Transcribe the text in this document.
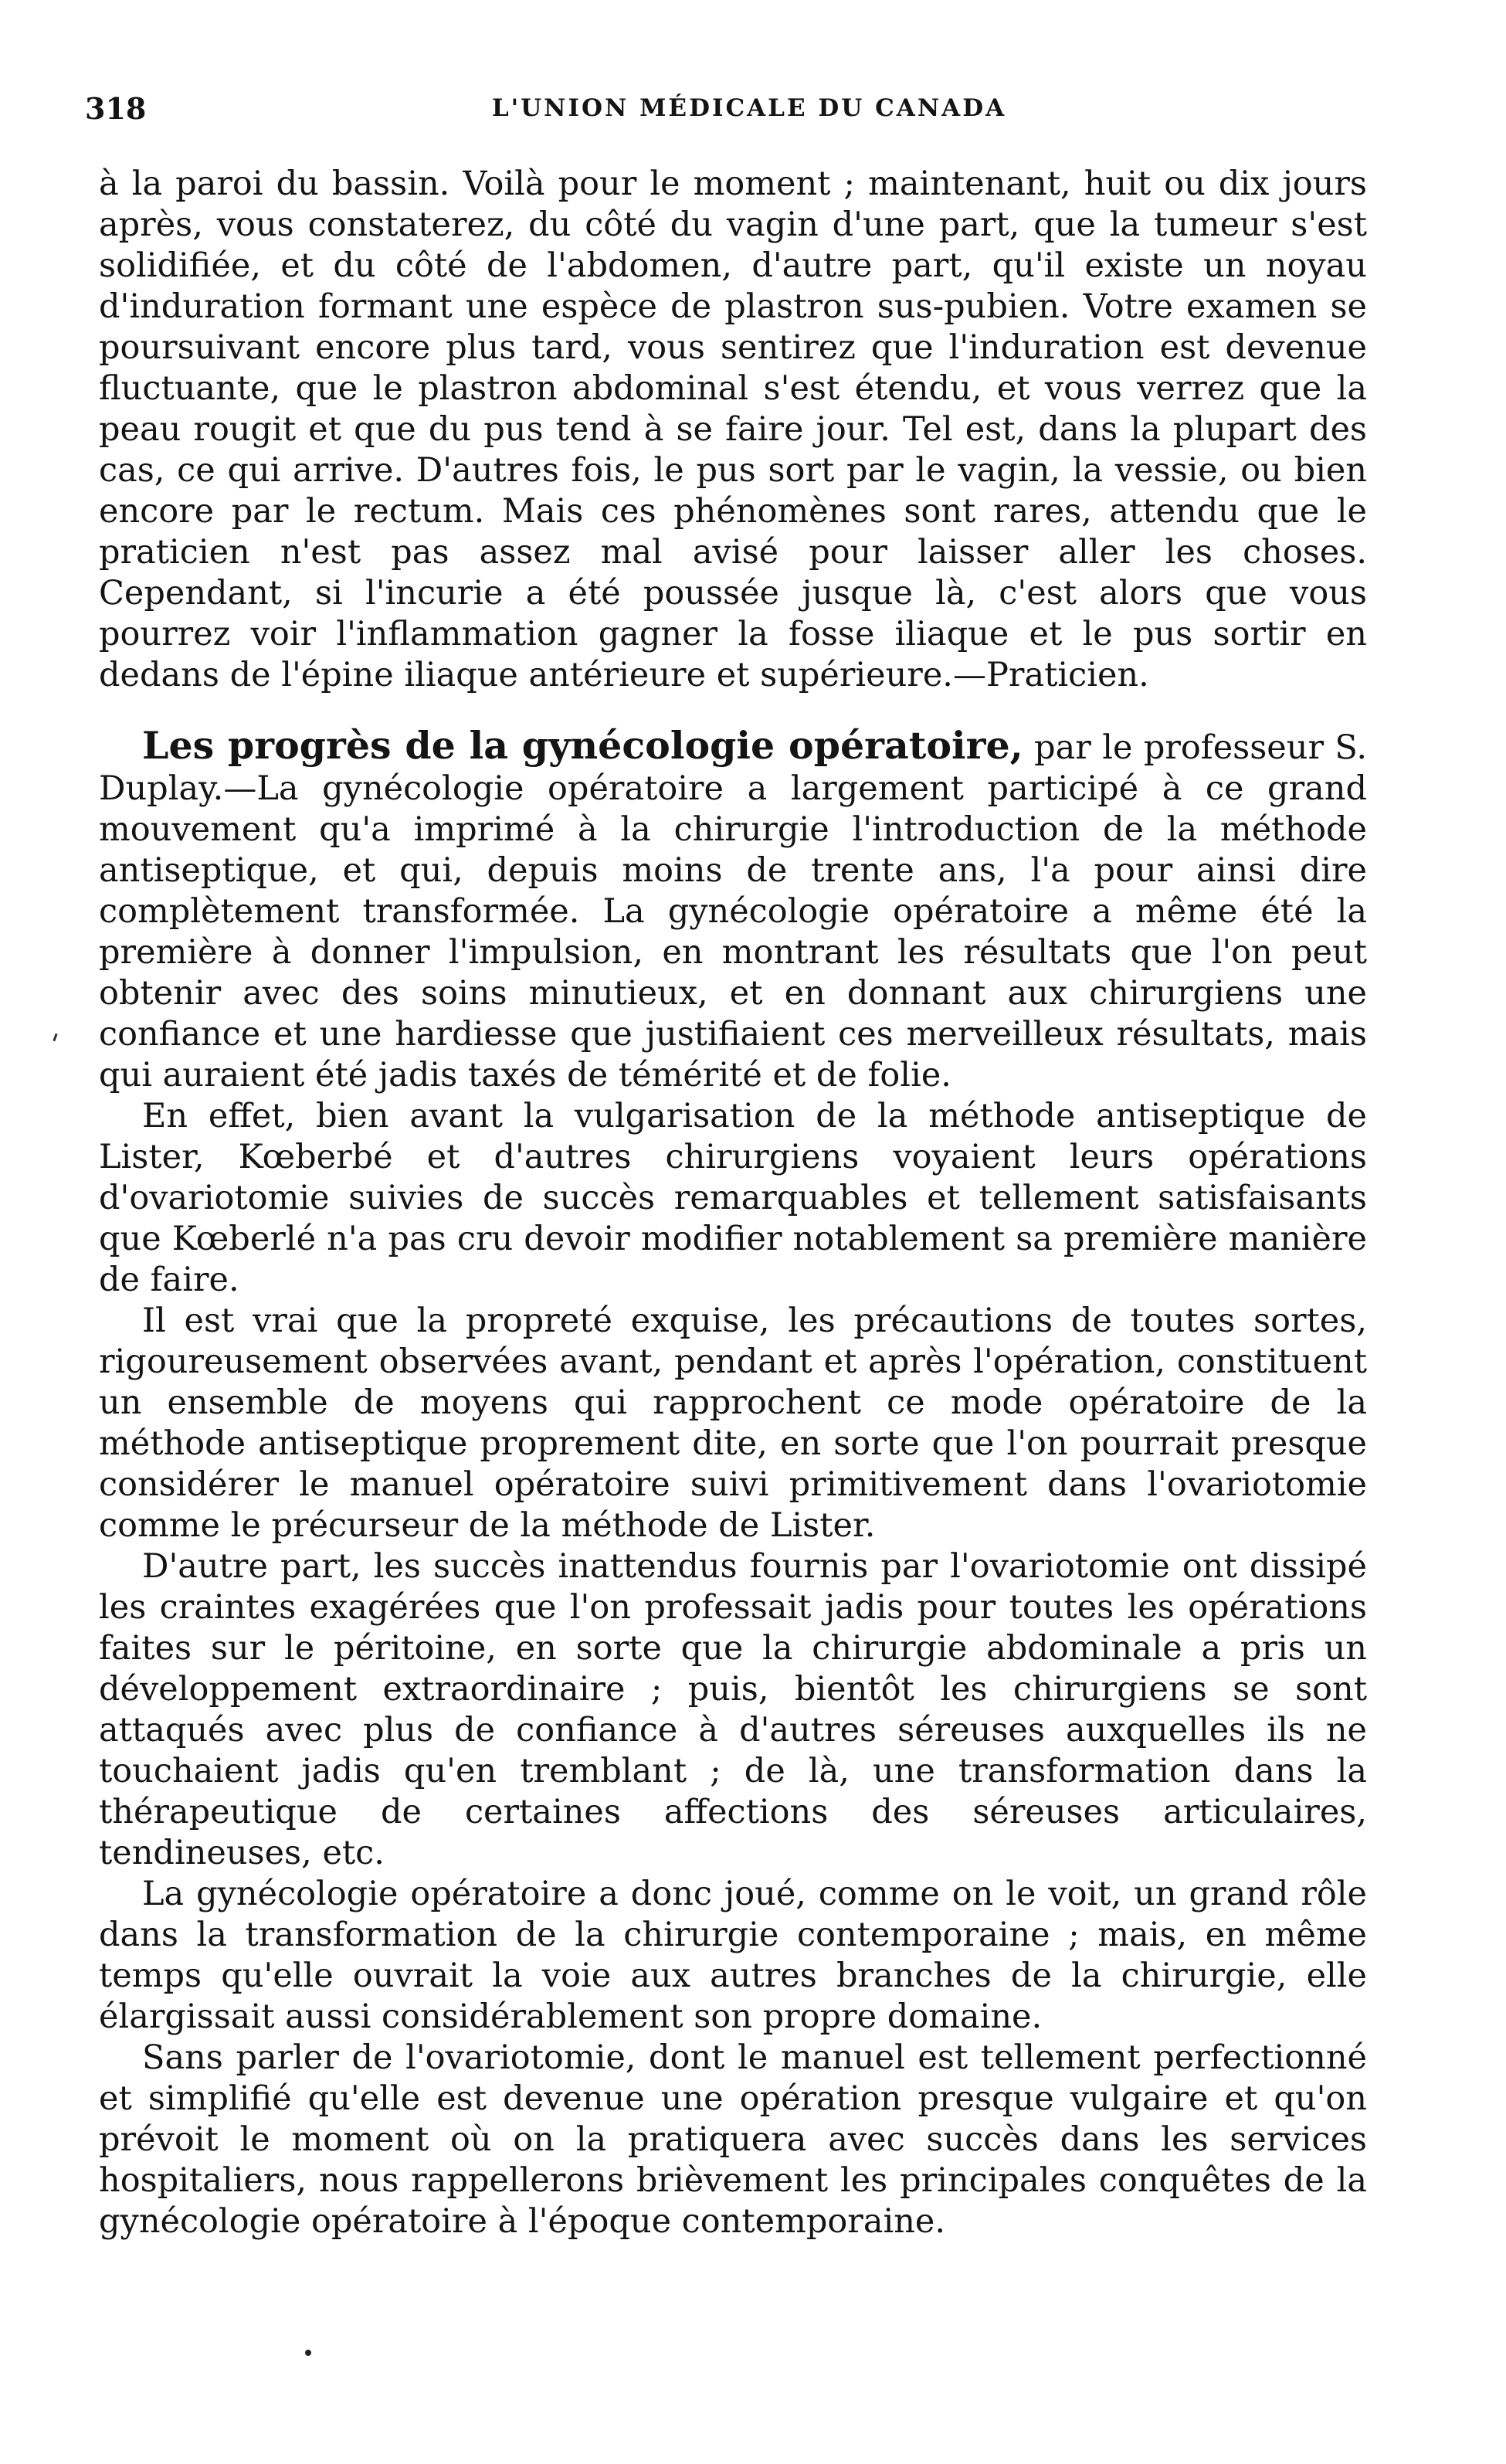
318	L'UNION MÉDICALE DU CANADA

à la paroi du bassin. Voilà pour le moment ; maintenant, huit ou dix jours après, vous constaterez, du côté du vagin d'une part, que la tumeur s'est solidifiée, et du côté de l'abdomen, d'autre part, qu'il existe un noyau d'induration formant une espèce de plastron sus-pubien. Votre examen se poursuivant encore plus tard, vous sentirez que l'induration est devenue fluctuante, que le plastron abdominal s'est étendu, et vous verrez que la peau rougit et que du pus tend à se faire jour. Tel est, dans la plupart des cas, ce qui arrive. D'autres fois, le pus sort par le vagin, la vessie, ou bien encore par le rectum. Mais ces phénomènes sont rares, attendu que le praticien n'est pas assez mal avisé pour laisser aller les choses. Cependant, si l'incurie a été poussée jusque là, c'est alors que vous pourrez voir l'inflammation gagner la fosse iliaque et le pus sortir en dedans de l'épine iliaque antérieure et supérieure.—Praticien.

Les progrès de la gynécologie opératoire, par le professeur S. Duplay.—La gynécologie opératoire a largement participé à ce grand mouvement qu'a imprimé à la chirurgie l'introduction de la méthode antiseptique, et qui, depuis moins de trente ans, l'a pour ainsi dire complètement transformée. La gynécologie opératoire a même été la première à donner l'impulsion, en montrant les résultats que l'on peut obtenir avec des soins minutieux, et en donnant aux chirurgiens une confiance et une hardiesse que justifiaient ces merveilleux résultats, mais qui auraient été jadis taxés de témérité et de folie.

En effet, bien avant la vulgarisation de la méthode antiseptique de Lister, Kœberbé et d'autres chirurgiens voyaient leurs opérations d'ovariotomie suivies de succès remarquables et tellement satisfaisants que Kœberlé n'a pas cru devoir modifier notablement sa première manière de faire.

Il est vrai que la propreté exquise, les précautions de toutes sortes, rigoureusement observées avant, pendant et après l'opération, constituent un ensemble de moyens qui rapprochent ce mode opératoire de la méthode antiseptique proprement dite, en sorte que l'on pourrait presque considérer le manuel opératoire suivi primitivement dans l'ovariotomie comme le précurseur de la méthode de Lister.

D'autre part, les succès inattendus fournis par l'ovariotomie ont dissipé les craintes exagérées que l'on professait jadis pour toutes les opérations faites sur le péritoine, en sorte que la chirurgie abdominale a pris un développement extraordinaire ; puis, bientôt les chirurgiens se sont attaqués avec plus de confiance à d'autres séreuses auxquelles ils ne touchaient jadis qu'en tremblant ; de là, une transformation dans la thérapeutique de certaines affections des séreuses articulaires, tendineuses, etc.

La gynécologie opératoire a donc joué, comme on le voit, un grand rôle dans la transformation de la chirurgie contemporaine ; mais, en même temps qu'elle ouvrait la voie aux autres branches de la chirurgie, elle élargissait aussi considérablement son propre domaine.

Sans parler de l'ovariotomie, dont le manuel est tellement perfectionné et simplifié qu'elle est devenue une opération presque vulgaire et qu'on prévoit le moment où on la pratiquera avec succès dans les services hospitaliers, nous rappellerons brièvement les principales conquêtes de la gynécologie opératoire à l'époque contemporaine.
